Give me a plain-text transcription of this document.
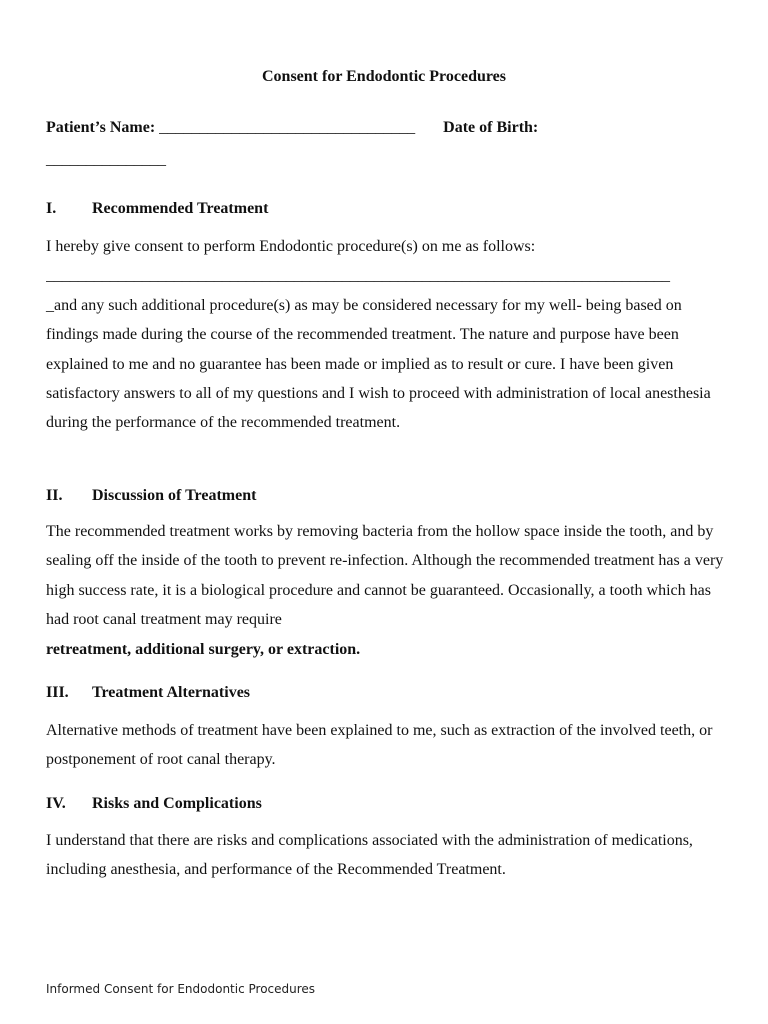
Consent for Endodontic Procedures
Patient’s Name: ________________________________ Date of Birth:
_______________
I. Recommended Treatment
I hereby give consent to perform Endodontic procedure(s) on me as follows:
______________________________________________________________________________
_and any such additional procedure(s) as may be considered necessary for my well- being based on findings made during the course of the recommended treatment. The nature and purpose have been explained to me and no guarantee has been made or implied as to result or cure. I have been given satisfactory answers to all of my questions and I wish to proceed with administration of local anesthesia during the performance of the recommended treatment.
II. Discussion of Treatment
The recommended treatment works by removing bacteria from the hollow space inside the tooth, and by sealing off the inside of the tooth to prevent re-infection. Although the recommended treatment has a very high success rate, it is a biological procedure and cannot be guaranteed. Occasionally, a tooth which has had root canal treatment may require
retreatment, additional surgery, or extraction.
III. Treatment Alternatives
Alternative methods of treatment have been explained to me, such as extraction of the involved teeth, or postponement of root canal therapy.
IV. Risks and Complications
I understand that there are risks and complications associated with the administration of medications, including anesthesia, and performance of the Recommended Treatment.
Informed Consent for Endodontic Procedures
